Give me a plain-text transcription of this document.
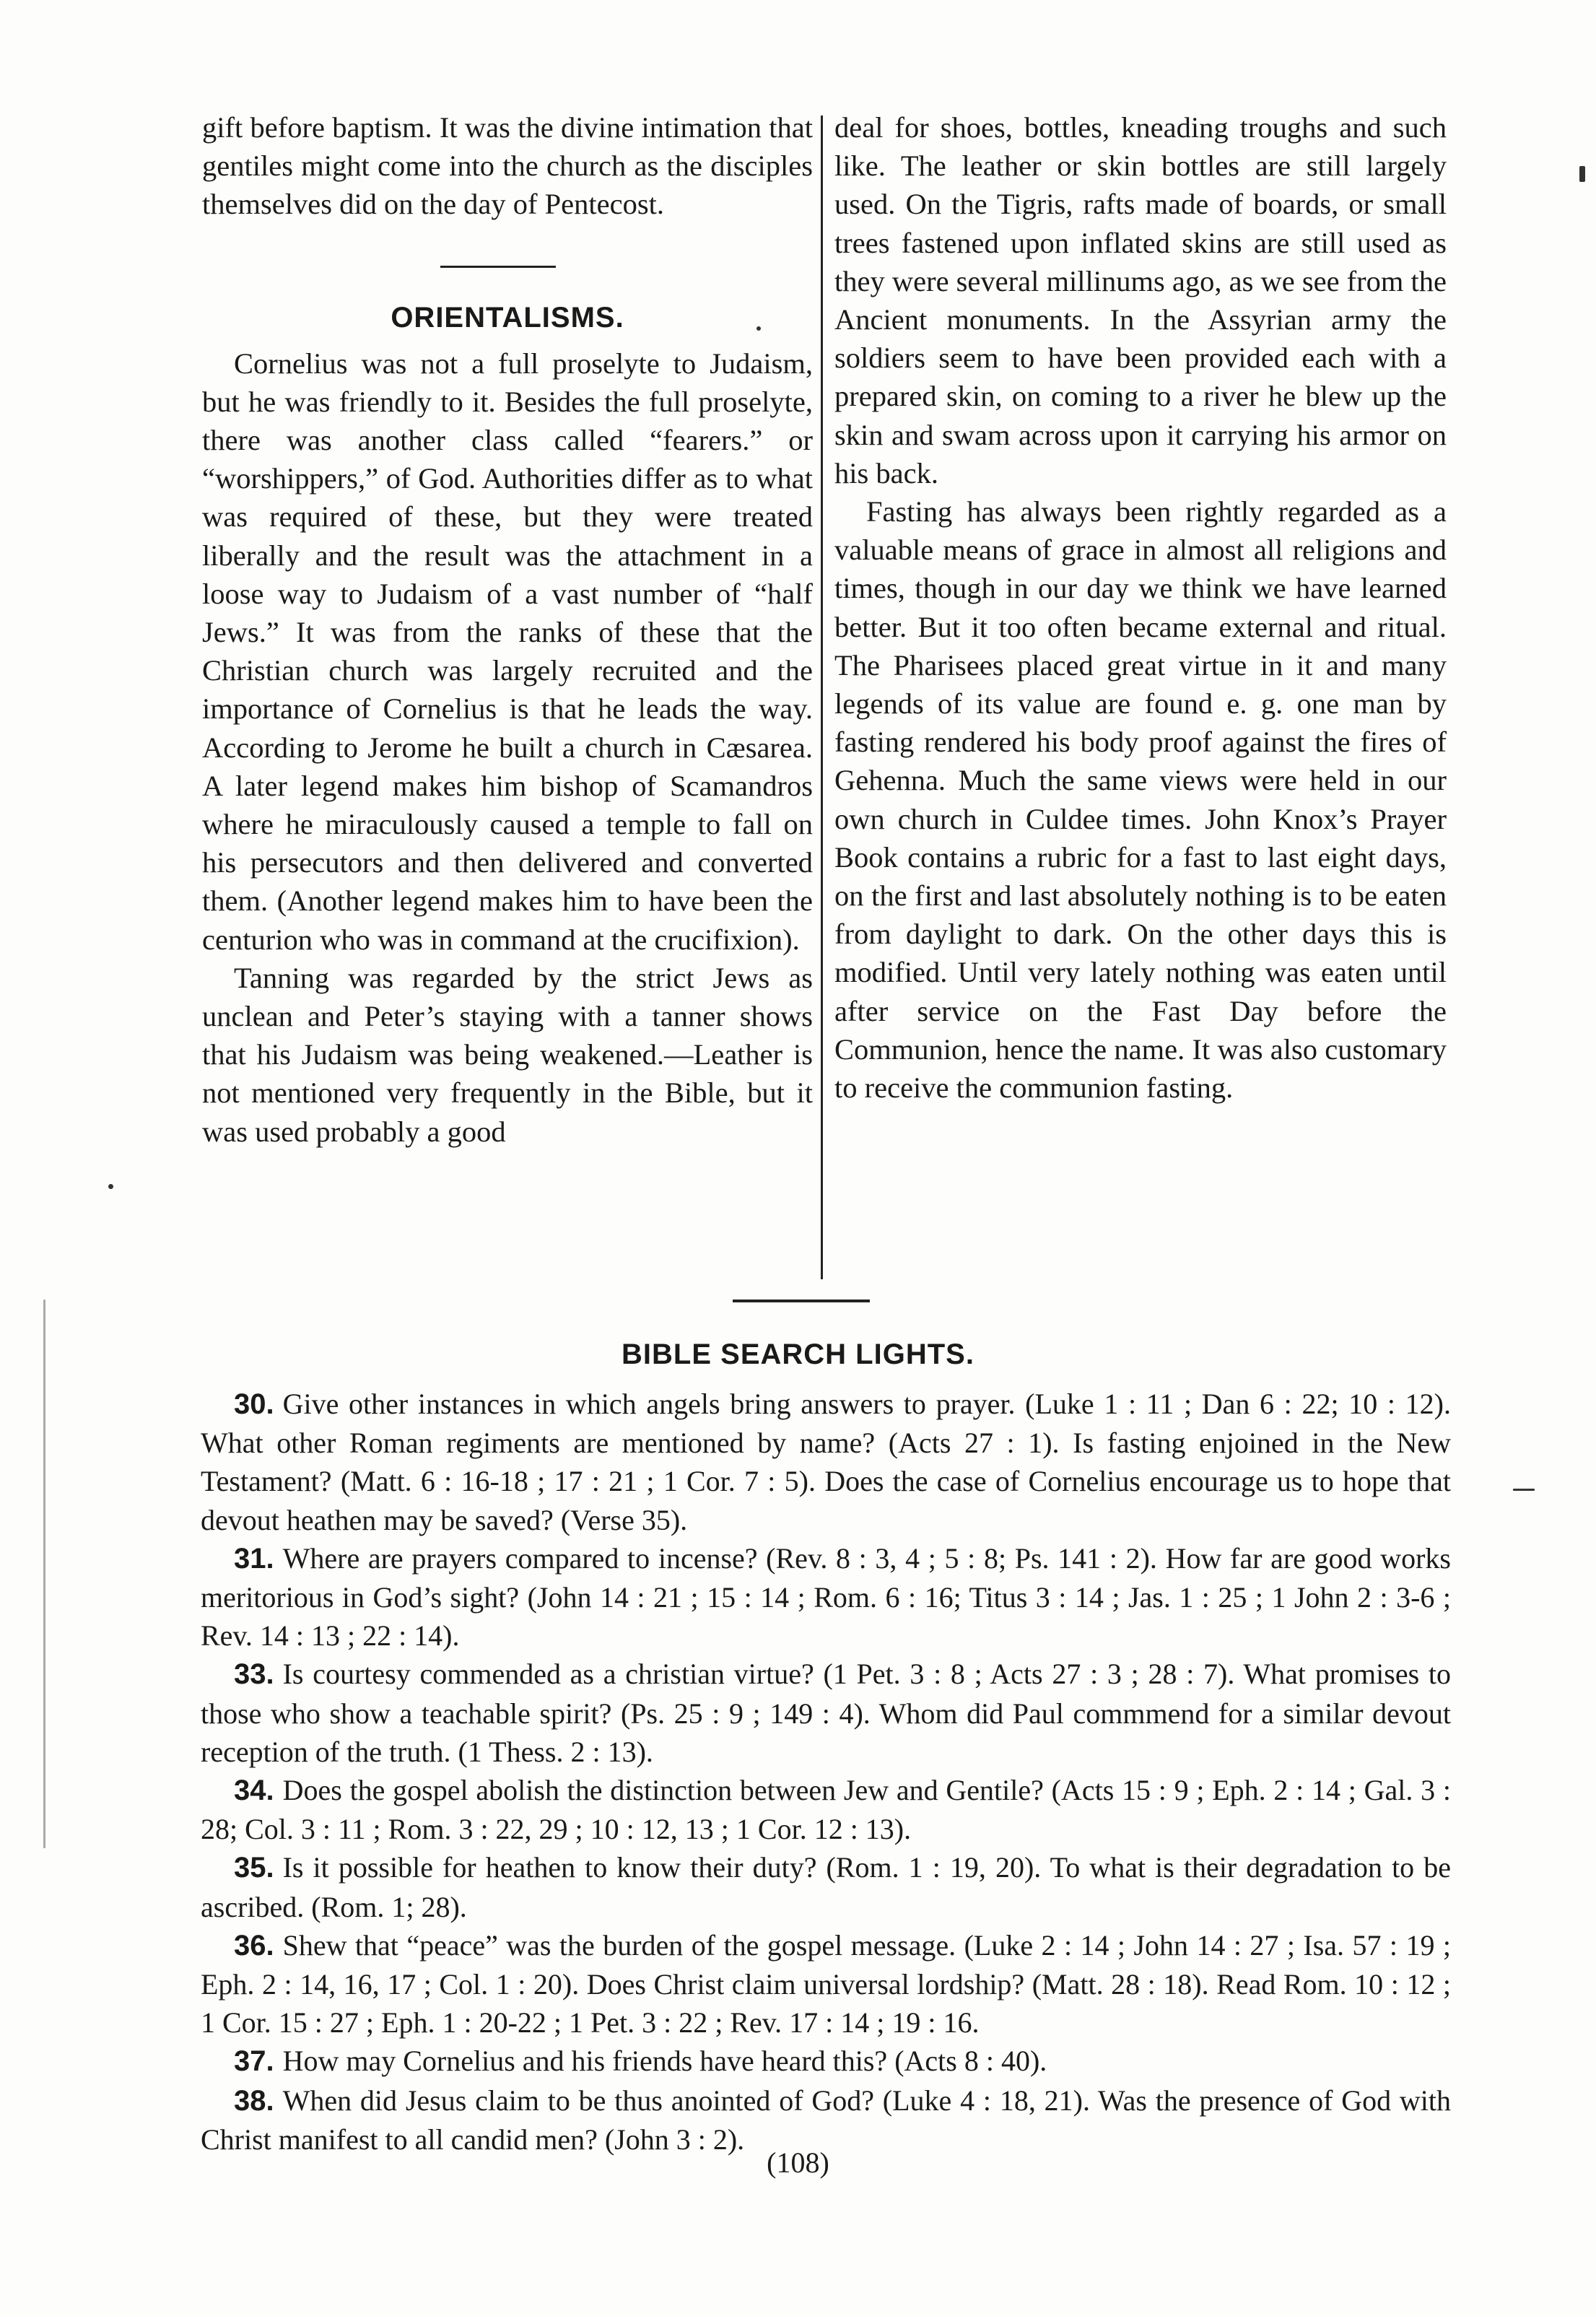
gift before baptism. It was the divine intimation that gentiles might come into the church as the disciples themselves did on the day of Pentecost.

ORIENTALISMS.

Cornelius was not a full proselyte to Judaism, but he was friendly to it. Besides the full proselyte, there was another class called “fearers.” or “worshippers,” of God. Authorities differ as to what was required of these, but they were treated liberally and the result was the attachment in a loose way to Judaism of a vast number of “half Jews.” It was from the ranks of these that the Christian church was largely recruited and the importance of Cornelius is that he leads the way. According to Jerome he built a church in Cæsarea. A later legend makes him bishop of Scamandros where he miraculously caused a temple to fall on his persecutors and then delivered and converted them. (Another legend makes him to have been the centurion who was in command at the crucifixion).

Tanning was regarded by the strict Jews as unclean and Peter’s staying with a tanner shows that his Judaism was being weakened.—Leather is not mentioned very frequently in the Bible, but it was used probably a good

deal for shoes, bottles, kneading troughs and such like. The leather or skin bottles are still largely used. On the Tigris, rafts made of boards, or small trees fastened upon inflated skins are still used as they were several millinums ago, as we see from the Ancient monuments. In the Assyrian army the soldiers seem to have been provided each with a prepared skin, on coming to a river he blew up the skin and swam across upon it carrying his armor on his back.

Fasting has always been rightly regarded as a valuable means of grace in almost all religions and times, though in our day we think we have learned better. But it too often became external and ritual. The Pharisees placed great virtue in it and many legends of its value are found e. g. one man by fasting rendered his body proof against the fires of Gehenna. Much the same views were held in our own church in Culdee times. John Knox’s Prayer Book contains a rubric for a fast to last eight days, on the first and last absolutely nothing is to be eaten from daylight to dark. On the other days this is modified. Until very lately nothing was eaten until after service on the Fast Day before the Communion, hence the name. It was also customary to receive the communion fasting.

BIBLE SEARCH LIGHTS.

30. Give other instances in which angels bring answers to prayer. (Luke 1 : 11 ; Dan 6 : 22; 10 : 12). What other Roman regiments are mentioned by name? (Acts 27 : 1). Is fasting enjoined in the New Testament? (Matt. 6 : 16-18 ; 17 : 21 ; 1 Cor. 7 : 5). Does the case of Cornelius encourage us to hope that devout heathen may be saved? (Verse 35).

31. Where are prayers compared to incense? (Rev. 8 : 3, 4 ; 5 : 8; Ps. 141 : 2). How far are good works meritorious in God’s sight? (John 14 : 21 ; 15 : 14 ; Rom. 6 : 16; Titus 3 : 14 ; Jas. 1 : 25 ; 1 John 2 : 3-6 ; Rev. 14 : 13 ; 22 : 14).

33. Is courtesy commended as a christian virtue? (1 Pet. 3 : 8 ; Acts 27 : 3 ; 28 : 7). What promises to those who show a teachable spirit? (Ps. 25 : 9 ; 149 : 4). Whom did Paul commmend for a similar devout reception of the truth. (1 Thess. 2 : 13).

34. Does the gospel abolish the distinction between Jew and Gentile? (Acts 15 : 9 ; Eph. 2 : 14 ; Gal. 3 : 28; Col. 3 : 11 ; Rom. 3 : 22, 29 ; 10 : 12, 13 ; 1 Cor. 12 : 13).

35. Is it possible for heathen to know their duty? (Rom. 1 : 19, 20). To what is their degradation to be ascribed. (Rom. 1; 28).

36. Shew that “peace” was the burden of the gospel message. (Luke 2 : 14 ; John 14 : 27 ; Isa. 57 : 19 ; Eph. 2 : 14, 16, 17 ; Col. 1 : 20). Does Christ claim universal lordship? (Matt. 28 : 18). Read Rom. 10 : 12 ; 1 Cor. 15 : 27 ; Eph. 1 : 20-22 ; 1 Pet. 3 : 22 ; Rev. 17 : 14 ; 19 : 16.

37. How may Cornelius and his friends have heard this? (Acts 8 : 40).

38. When did Jesus claim to be thus anointed of God? (Luke 4 : 18, 21). Was the presence of God with Christ manifest to all candid men? (John 3 : 2).

(108)
